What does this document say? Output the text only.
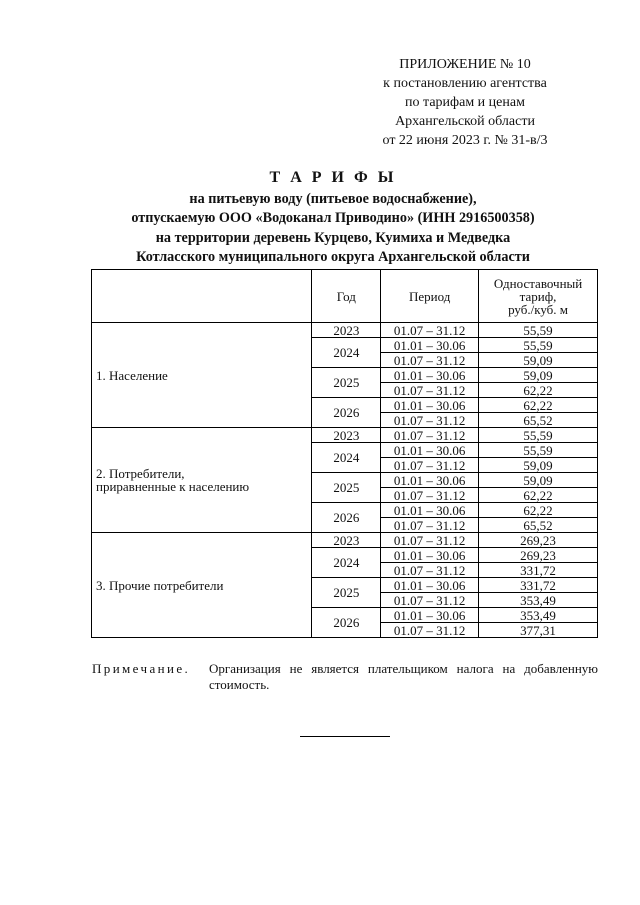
ПРИЛОЖЕНИЕ № 10
к постановлению агентства
по тарифам и ценам
Архангельской области
от 22 июня 2023 г. № 31-в/3
Т А Р И Ф Ы
на питьевую воду (питьевое водоснабжение),
отпускаемую ООО «Водоканал Приводино» (ИНН 2916500358)
на территории деревень Курцево, Куимиха и Медведка
Котласского муниципального округа Архангельской области
	Год	Период	Одноставочный
тариф,
руб./куб. м

1. Население	2023	01.07 – 31.12	55,59
	2024	01.01 – 30.06	55,59
		01.07 – 31.12	59,09
	2025	01.01 – 30.06	59,09
		01.07 – 31.12	62,22
	2026	01.01 – 30.06	62,22
		01.07 – 31.12	65,52

2. Потребители,
приравненные к населению	2023	01.07 – 31.12	55,59
	2024	01.01 – 30.06	55,59
		01.07 – 31.12	59,09
	2025	01.01 – 30.06	59,09
		01.07 – 31.12	62,22
	2026	01.01 – 30.06	62,22
		01.07 – 31.12	65,52

3. Прочие потребители	2023	01.07 – 31.12	269,23
	2024	01.01 – 30.06	269,23
		01.07 – 31.12	331,72
	2025	01.01 – 30.06	331,72
		01.07 – 31.12	353,49
	2026	01.01 – 30.06	353,49
		01.07 – 31.12	377,31
Примечание.	Организация не является плательщиком налога на добавленную стоимость.
